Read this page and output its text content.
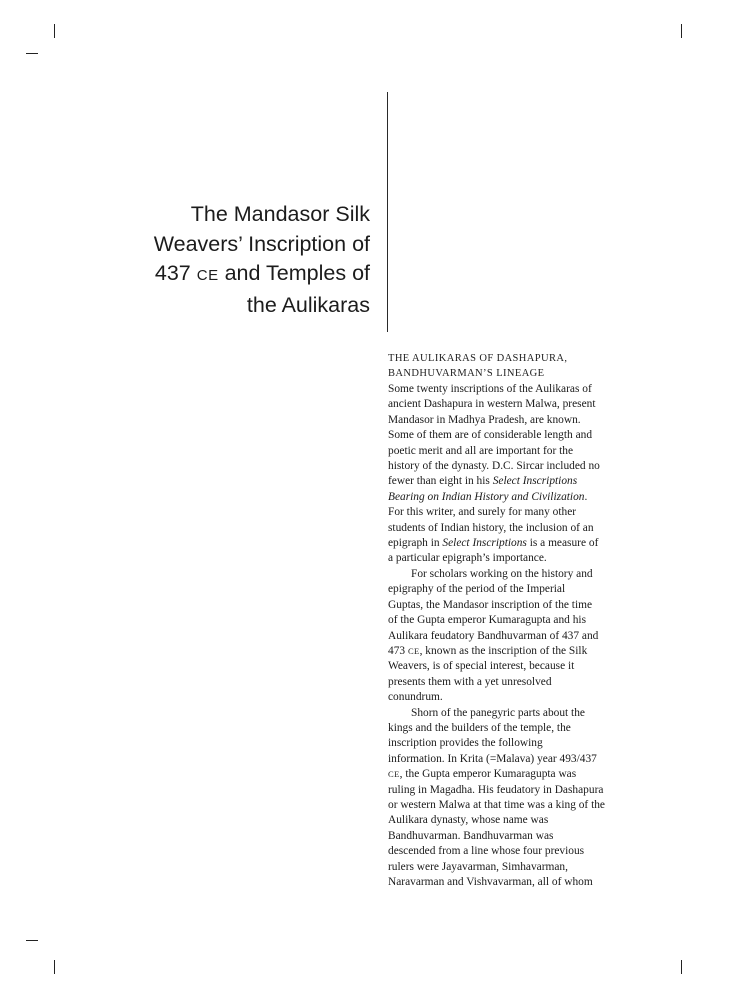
The Mandasor Silk
Weavers’ Inscription of
437 CE and Temples of
the Aulikaras
THE AULIKARAS OF DASHAPURA,
BANDHUVARMAN’S LINEAGE
Some twenty inscriptions of the Aulikaras of
ancient Dashapura in western Malwa, present
Mandasor in Madhya Pradesh, are known.
Some of them are of considerable length and
poetic merit and all are important for the
history of the dynasty. D.C. Sircar included no
fewer than eight in his Select Inscriptions
Bearing on Indian History and Civilization.
For this writer, and surely for many other
students of Indian history, the inclusion of an
epigraph in Select Inscriptions is a measure of
a particular epigraph’s importance.
For scholars working on the history and
epigraphy of the period of the Imperial
Guptas, the Mandasor inscription of the time
of the Gupta emperor Kumaragupta and his
Aulikara feudatory Bandhuvarman of 437 and
473 CE, known as the inscription of the Silk
Weavers, is of special interest, because it
presents them with a yet unresolved
conundrum.
Shorn of the panegyric parts about the
kings and the builders of the temple, the
inscription provides the following
information. In Krita (=Malava) year 493/437
CE, the Gupta emperor Kumaragupta was
ruling in Magadha. His feudatory in Dashapura
or western Malwa at that time was a king of the
Aulikara dynasty, whose name was
Bandhuvarman. Bandhuvarman was
descended from a line whose four previous
rulers were Jayavarman, Simhavarman,
Naravarman and Vishvavarman, all of whom
